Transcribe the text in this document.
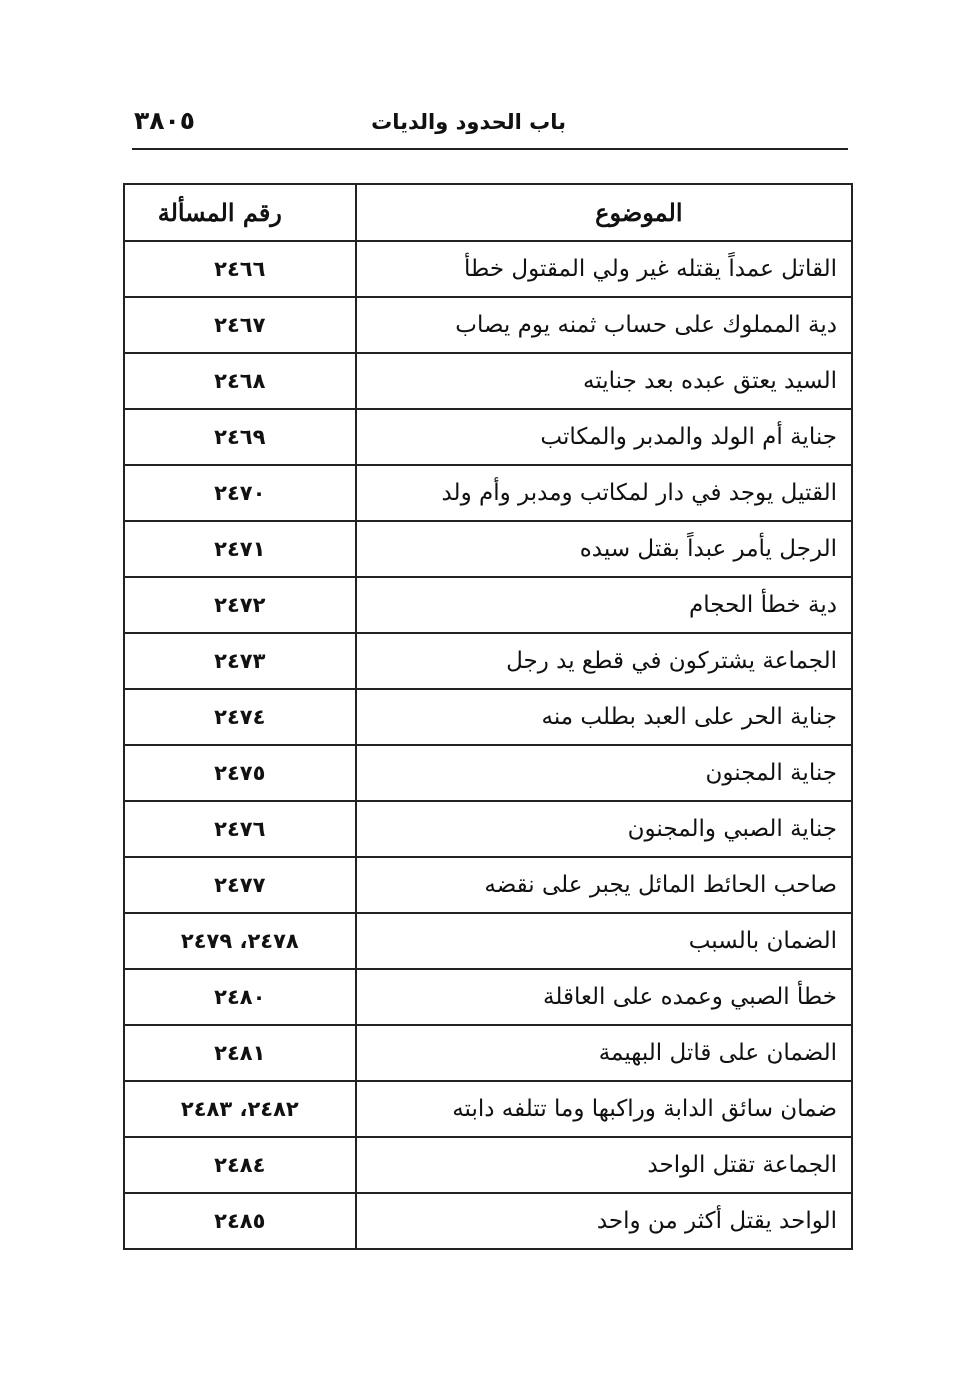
باب الحدود والديات
٣٨٠٥
الموضوع	رقم المسألة
القاتل عمداً يقتله غير ولي المقتول خطأ	٢٤٦٦
دية المملوك على حساب ثمنه يوم يصاب	٢٤٦٧
السيد يعتق عبده بعد جنايته	٢٤٦٨
جناية أم الولد والمدبر والمكاتب	٢٤٦٩
القتيل يوجد في دار لمكاتب ومدبر وأم ولد	٢٤٧٠
الرجل يأمر عبداً بقتل سيده	٢٤٧١
دية خطأ الحجام	٢٤٧٢
الجماعة يشتركون في قطع يد رجل	٢٤٧٣
جناية الحر على العبد بطلب منه	٢٤٧٤
جناية المجنون	٢٤٧٥
جناية الصبي والمجنون	٢٤٧٦
صاحب الحائط المائل يجبر على نقضه	٢٤٧٧
الضمان بالسبب	٢٤٧٨، ٢٤٧٩
خطأ الصبي وعمده على العاقلة	٢٤٨٠
الضمان على قاتل البهيمة	٢٤٨١
ضمان سائق الدابة وراكبها وما تتلفه دابته	٢٤٨٢، ٢٤٨٣
الجماعة تقتل الواحد	٢٤٨٤
الواحد يقتل أكثر من واحد	٢٤٨٥
